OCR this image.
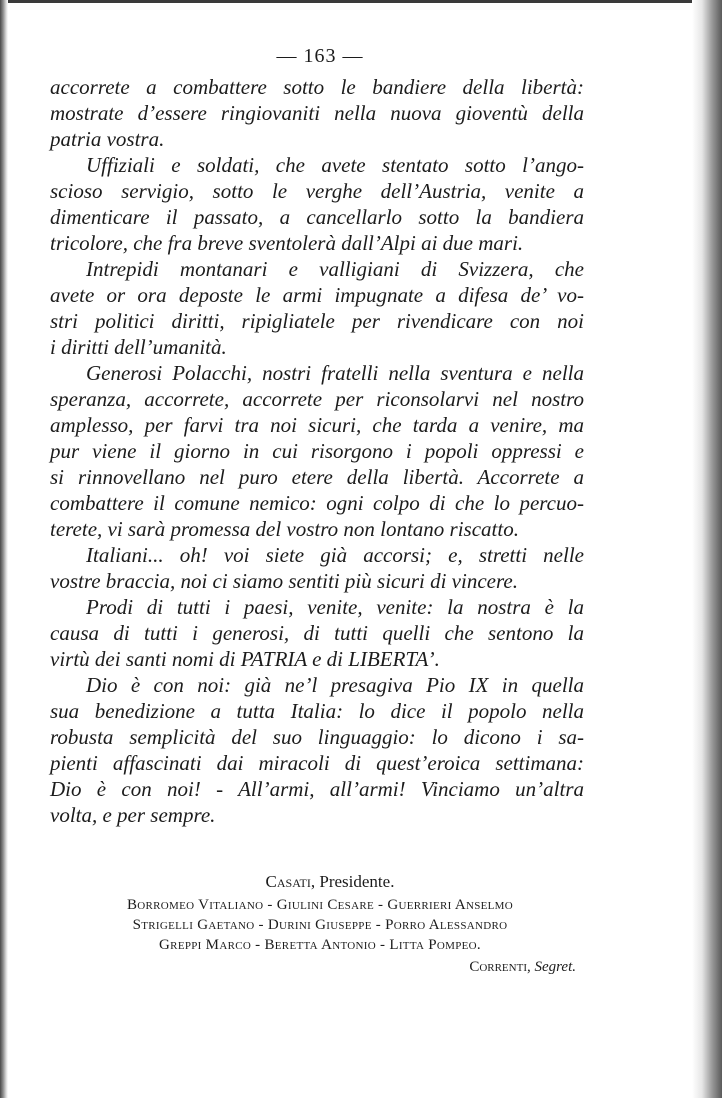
— 163 —
accorrete a combattere sotto le bandiere della libertà:
mostrate d’essere ringiovaniti nella nuova gioventù della
patria vostra.
Uffiziali e soldati, che avete stentato sotto l’ango-
scioso servigio, sotto le verghe dell’Austria, venite a
dimenticare il passato, a cancellarlo sotto la bandiera
tricolore, che fra breve sventolerà dall’Alpi ai due mari.
Intrepidi montanari e valligiani di Svizzera, che
avete or ora deposte le armi impugnate a difesa de’ vo-
stri politici diritti, ripigliatele per rivendicare con noi
i diritti dell’umanità.
Generosi Polacchi, nostri fratelli nella sventura e nella
speranza, accorrete, accorrete per riconsolarvi nel nostro
amplesso, per farvi tra noi sicuri, che tarda a venire, ma
pur viene il giorno in cui risorgono i popoli oppressi e
si rinnovellano nel puro etere della libertà. Accorrete a
combattere il comune nemico: ogni colpo di che lo percuo-
terete, vi sarà promessa del vostro non lontano riscatto.
Italiani... oh! voi siete già accorsi; e, stretti nelle
vostre braccia, noi ci siamo sentiti più sicuri di vincere.
Prodi di tutti i paesi, venite, venite: la nostra è la
causa di tutti i generosi, di tutti quelli che sentono la
virtù dei santi nomi di PATRIA e di LIBERTA’.
Dio è con noi: già ne’l presagiva Pio IX in quella
sua benedizione a tutta Italia: lo dice il popolo nella
robusta semplicità del suo linguaggio: lo dicono i sa-
pienti affascinati dai miracoli di quest’eroica settimana:
Dio è con noi! - All’armi, all’armi! Vinciamo un’altra
volta, e per sempre.
Casati, Presidente.
Borromeo Vitaliano - Giulini Cesare - Guerrieri Anselmo
Strigelli Gaetano - Durini Giuseppe - Porro Alessandro
Greppi Marco - Beretta Antonio - Litta Pompeo.
Correnti, Segret.
